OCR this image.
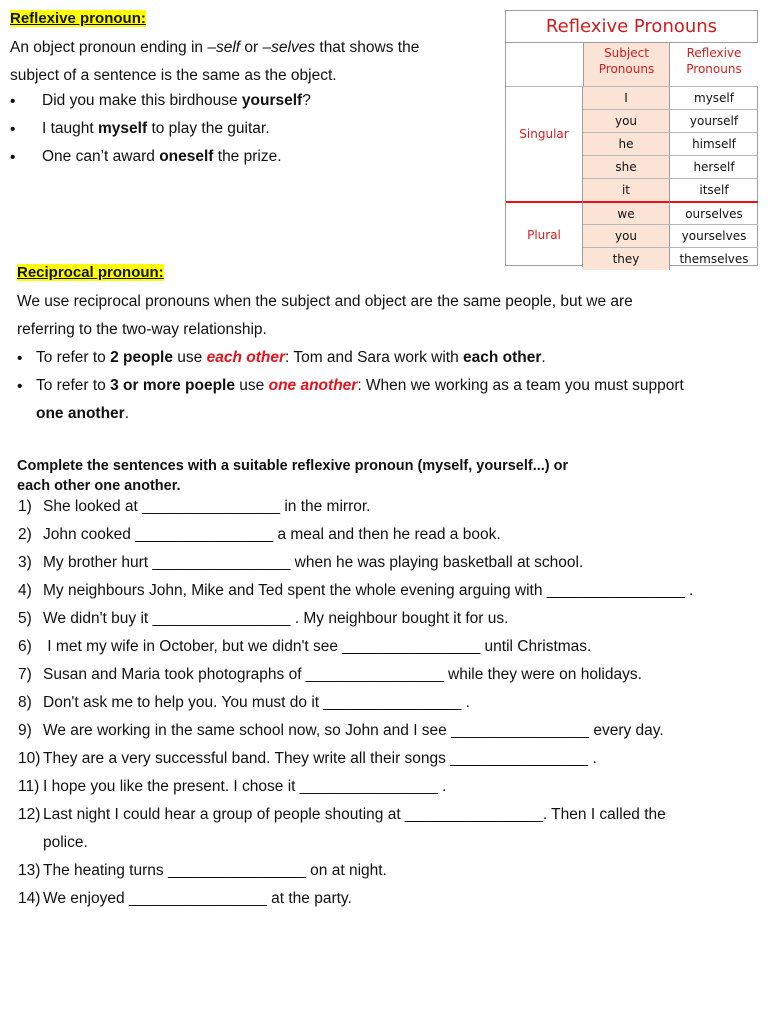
Reflexive pronoun:
An object pronoun ending in –self or –selves that shows the
subject of a sentence is the same as the object.
• Did you make this birdhouse yourself?
• I taught myself to play the guitar.
• One can’t award oneself the prize.
Reflexive Pronouns
Subject Pronouns
Reflexive Pronouns
Singular
Plural
I	myself
you	yourself
he	himself
she	herself
it	itself
we	ourselves
you	yourselves
they	themselves
Reciprocal pronoun:
We use reciprocal pronouns when the subject and object are the same people, but we are
referring to the two-way relationship.
• To refer to 2 people use each other: Tom and Sara work with each other.
• To refer to 3 or more poeple use one another: When we working as a team you must support
one another.
Complete the sentences with a suitable reflexive pronoun (myself, yourself...) or
each other one another.
1) She looked at ________________ in the mirror.
2) John cooked ________________ a meal and then he read a book.
3) My brother hurt ________________ when he was playing basketball at school.
4) My neighbours John, Mike and Ted spent the whole evening arguing with ________________ .
5) We didn't buy it ________________ . My neighbour bought it for us.
6) I met my wife in October, but we didn't see ________________ until Christmas.
7) Susan and Maria took photographs of ________________ while they were on holidays.
8) Don't ask me to help you. You must do it ________________ .
9) We are working in the same school now, so John and I see ________________ every day.
10) They are a very successful band. They write all their songs ________________ .
11) I hope you like the present. I chose it ________________ .
12) Last night I could hear a group of people shouting at ________________. Then I called the
police.
13) The heating turns ________________ on at night.
14) We enjoyed ________________ at the party.
